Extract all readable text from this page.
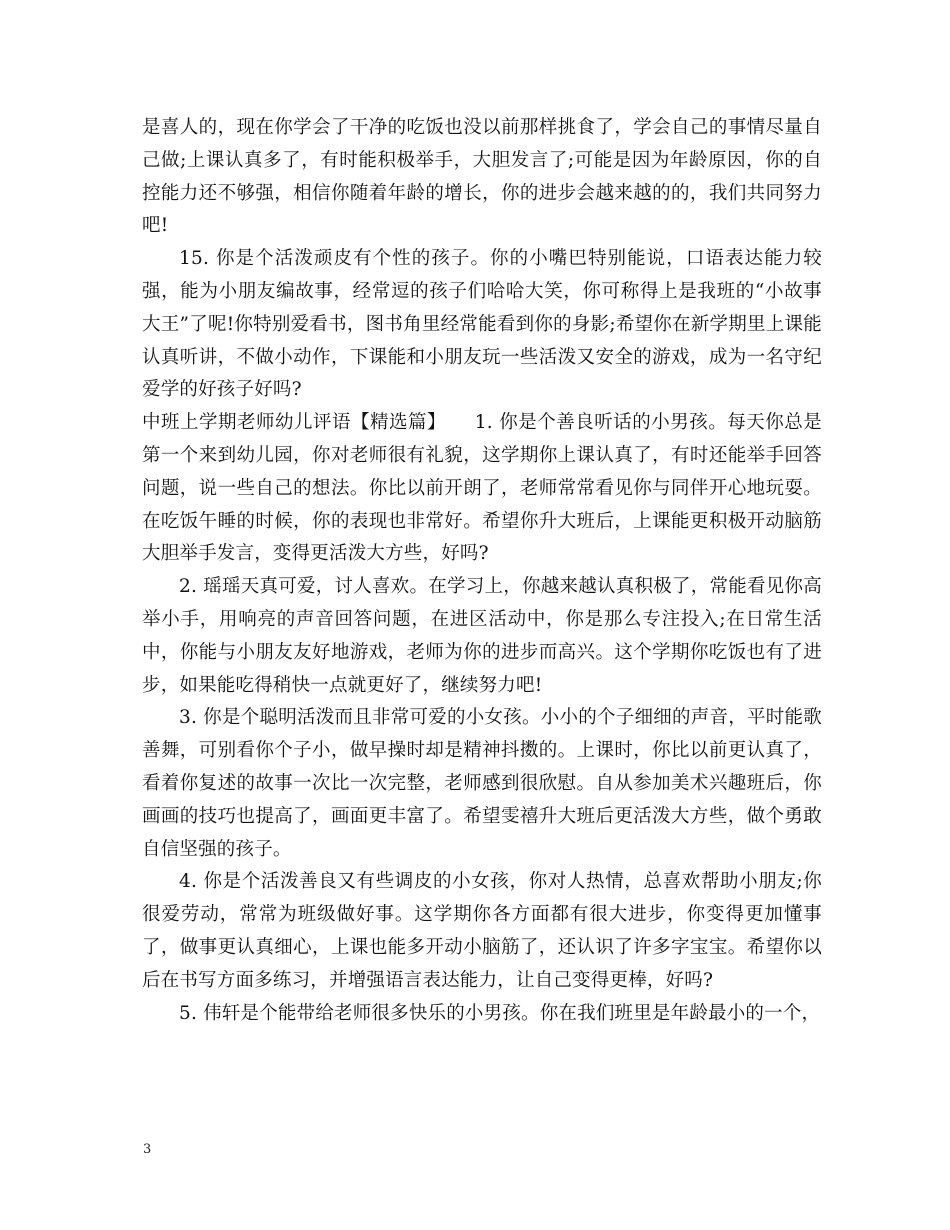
是喜人的，现在你学会了干净的吃饭也没以前那样挑食了，学会自己的事情尽量自己做;上课认真多了，有时能积极举手，大胆发言了;可能是因为年龄原因，你的自控能力还不够强，相信你随着年龄的增长，你的进步会越来越的的，我们共同努力吧!

15. 你是个活泼顽皮有个性的孩子。你的小嘴巴特别能说，口语表达能力较强，能为小朋友编故事，经常逗的孩子们哈哈大笑，你可称得上是我班的“小故事大王”了呢!你特别爱看书，图书角里经常能看到你的身影;希望你在新学期里上课能认真听讲，不做小动作，下课能和小朋友玩一些活泼又安全的游戏，成为一名守纪爱学的好孩子好吗?

中班上学期老师幼儿评语【精选篇】　　1. 你是个善良听话的小男孩。每天你总是第一个来到幼儿园，你对老师很有礼貌，这学期你上课认真了，有时还能举手回答问题，说一些自己的想法。你比以前开朗了，老师常常看见你与同伴开心地玩耍。在吃饭午睡的时候，你的表现也非常好。希望你升大班后，上课能更积极开动脑筋大胆举手发言，变得更活泼大方些，好吗?

2. 瑶瑶天真可爱，讨人喜欢。在学习上，你越来越认真积极了，常能看见你高举小手，用响亮的声音回答问题，在进区活动中，你是那么专注投入;在日常生活中，你能与小朋友友好地游戏，老师为你的进步而高兴。这个学期你吃饭也有了进步，如果能吃得稍快一点就更好了，继续努力吧!

3. 你是个聪明活泼而且非常可爱的小女孩。小小的个子细细的声音，平时能歌善舞，可别看你个子小，做早操时却是精神抖擞的。上课时，你比以前更认真了，看着你复述的故事一次比一次完整，老师感到很欣慰。自从参加美术兴趣班后，你画画的技巧也提高了，画面更丰富了。希望雯禧升大班后更活泼大方些，做个勇敢自信坚强的孩子。

4. 你是个活泼善良又有些调皮的小女孩，你对人热情，总喜欢帮助小朋友;你很爱劳动，常常为班级做好事。这学期你各方面都有很大进步，你变得更加懂事了，做事更认真细心，上课也能多开动小脑筋了，还认识了许多字宝宝。希望你以后在书写方面多练习，并增强语言表达能力，让自己变得更棒，好吗?

5. 伟轩是个能带给老师很多快乐的小男孩。你在我们班里是年龄最小的一个，

3
